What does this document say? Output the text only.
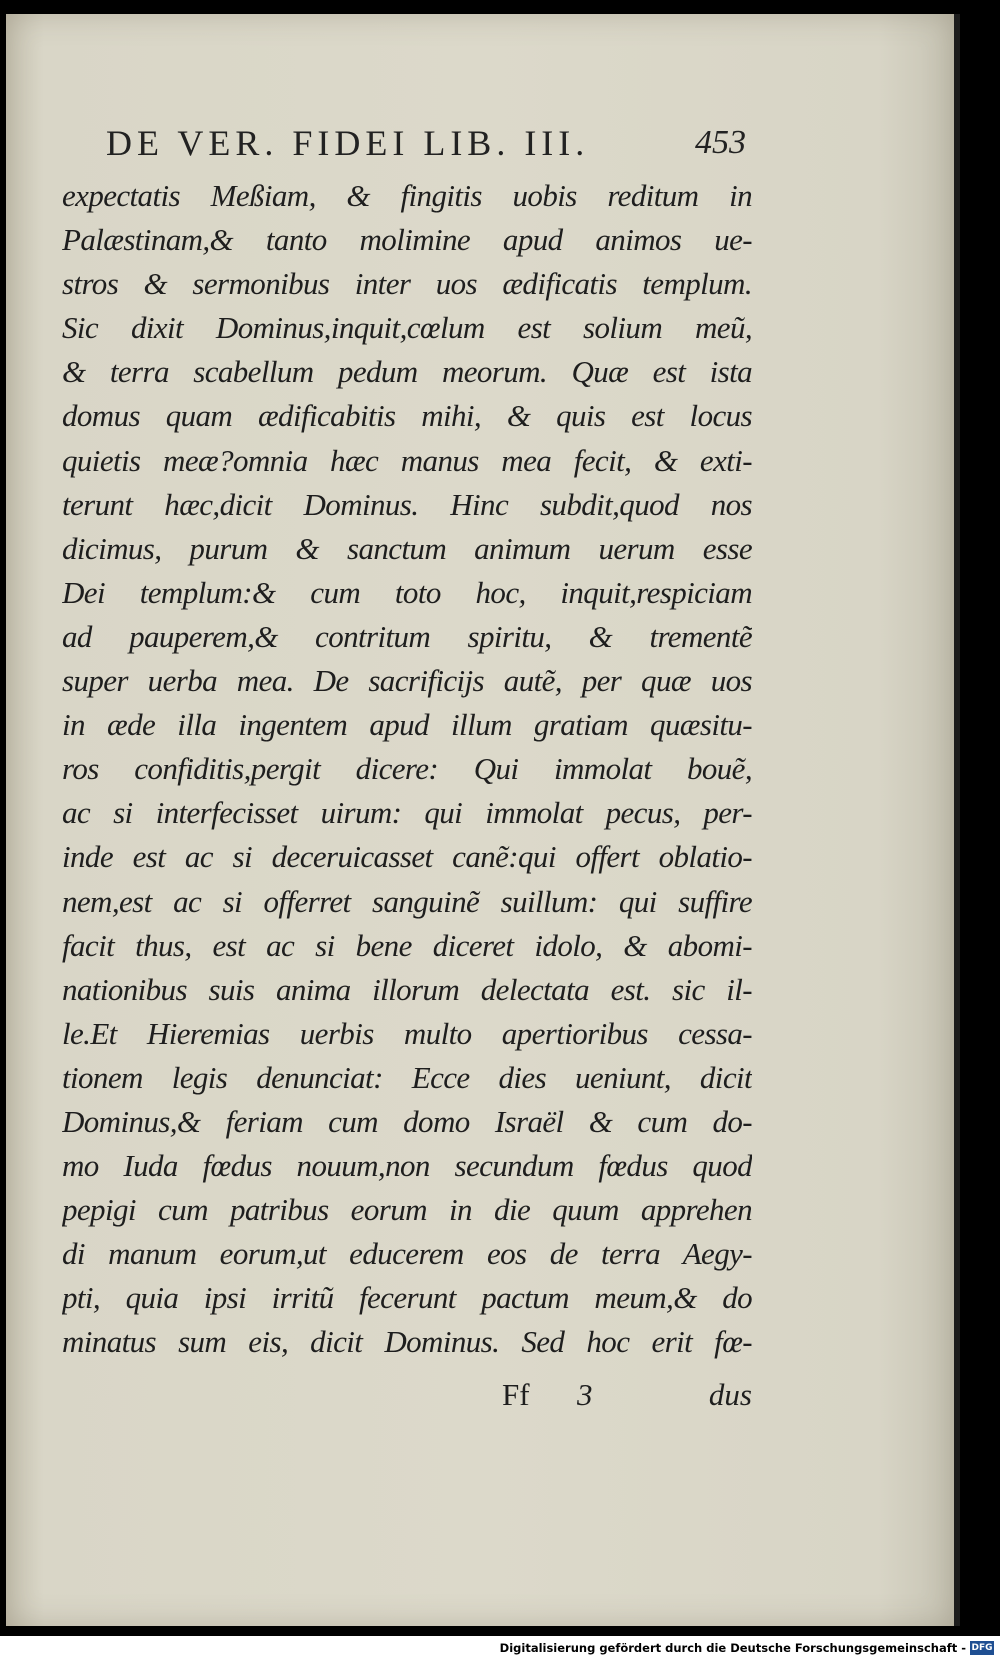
DE VER. FIDEI LIB. III.	453
expectatis Meßiam, & fingitis uobis reditum in
Palæstinam,& tanto molimine apud animos ue-
stros & sermonibus inter uos ædificatis templum.
Sic dixit Dominus,inquit,cœlum est solium meũ,
& terra scabellum pedum meorum. Quæ est ista
domus quam ædificabitis mihi, & quis est locus
quietis meæ?omnia hæc manus mea fecit, & exti-
terunt hæc,dicit Dominus. Hinc subdit,quod nos
dicimus, purum & sanctum animum uerum esse
Dei templum:& cum toto hoc, inquit,respiciam
ad pauperem,& contritum spiritu, & trementẽ
super uerba mea. De sacrificijs autẽ, per quæ uos
in æde illa ingentem apud illum gratiam quæsitu-
ros confiditis,pergit dicere: Qui immolat bouẽ,
ac si interfecisset uirum: qui immolat pecus, per-
inde est ac si deceruicasset canẽ:qui offert oblatio-
nem,est ac si offerret sanguinẽ suillum: qui suffire
facit thus, est ac si bene diceret idolo, & abomi-
nationibus suis anima illorum delectata est. sic il-
le.Et Hieremias uerbis multo apertioribus cessa-
tionem legis denunciat: Ecce dies ueniunt, dicit
Dominus,& feriam cum domo Israël & cum do-
mo Iuda fœdus nouum,non secundum fœdus quod
pepigi cum patribus eorum in die quum apprehen
di manum eorum,ut educerem eos de terra Aegy-
pti, quia ipsi irritũ fecerunt pactum meum,& do
minatus sum eis, dicit Dominus. Sed hoc erit fœ-
Ff 3	dus
Digitalisierung gefördert durch die Deutsche Forschungsgemeinschaft - DFG
